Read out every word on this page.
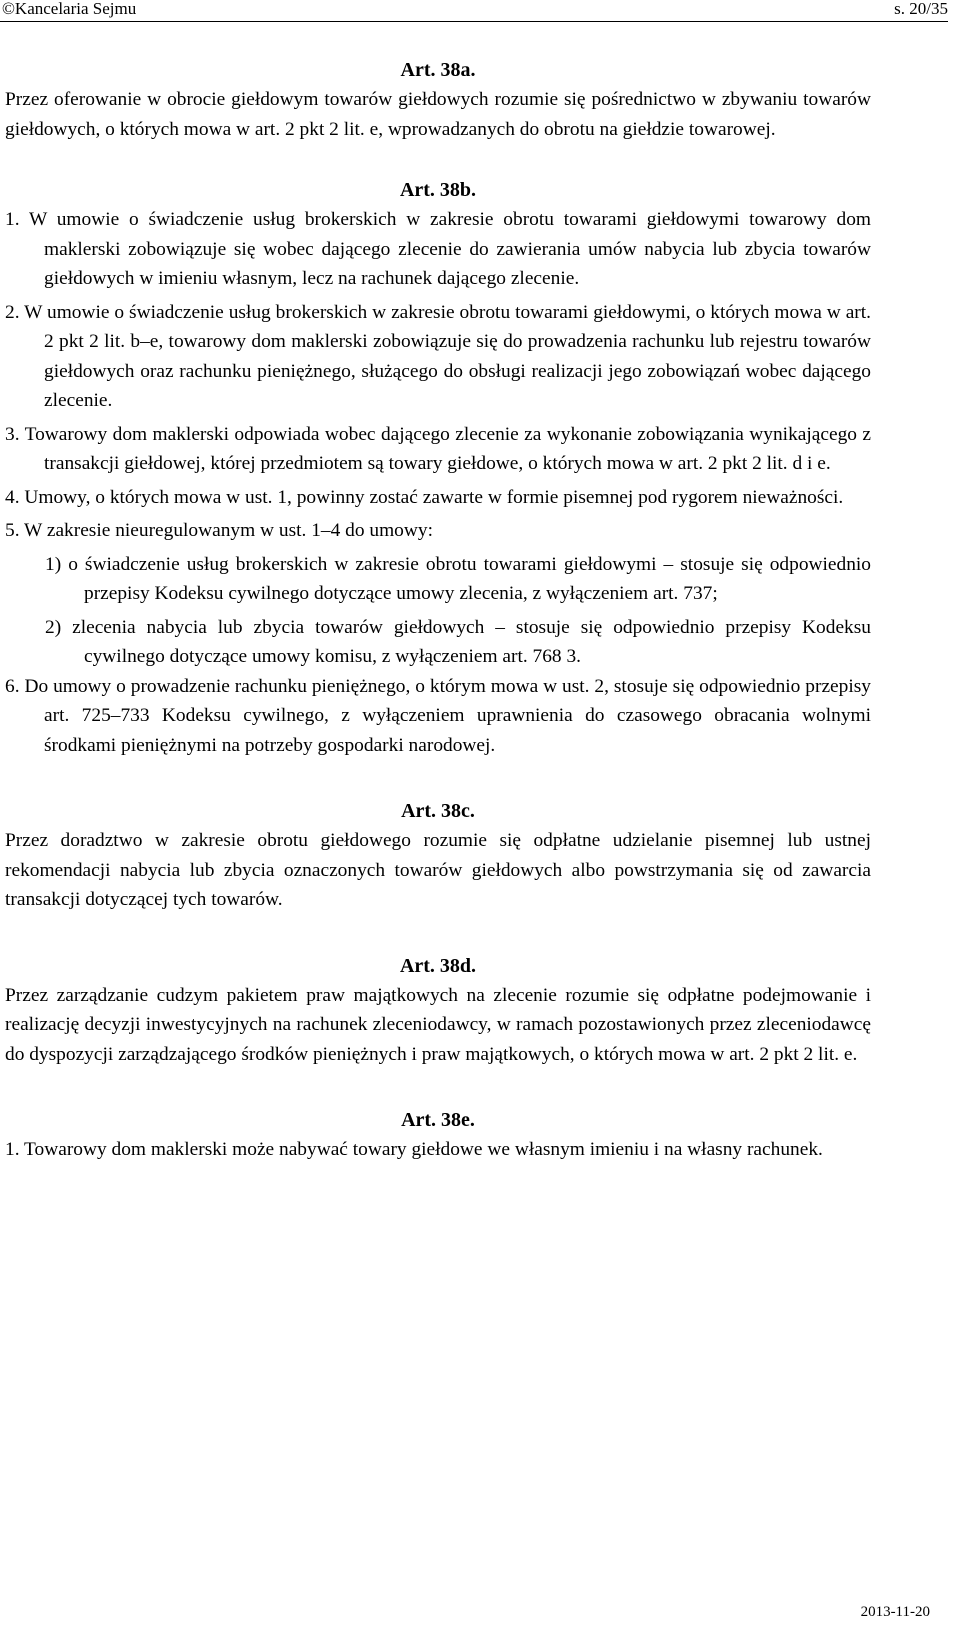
©Kancelaria Sejmu	s. 20/35

Art. 38a.

Przez oferowanie w obrocie giełdowym towarów giełdowych rozumie się pośrednictwo w zbywaniu towarów giełdowych, o których mowa w art. 2 pkt 2 lit. e, wprowadzanych do obrotu na giełdzie towarowej.

Art. 38b.

1. W umowie o świadczenie usług brokerskich w zakresie obrotu towarami giełdowymi towarowy dom maklerski zobowiązuje się wobec dającego zlecenie do zawierania umów nabycia lub zbycia towarów giełdowych w imieniu własnym, lecz na rachunek dającego zlecenie.

2. W umowie o świadczenie usług brokerskich w zakresie obrotu towarami giełdowymi, o których mowa w art. 2 pkt 2 lit. b–e, towarowy dom maklerski zobowiązuje się do prowadzenia rachunku lub rejestru towarów giełdowych oraz rachunku pieniężnego, służącego do obsługi realizacji jego zobowiązań wobec dającego zlecenie.

3. Towarowy dom maklerski odpowiada wobec dającego zlecenie za wykonanie zobowiązania wynikającego z transakcji giełdowej, której przedmiotem są towary giełdowe, o których mowa w art. 2 pkt 2 lit. d i e.

4. Umowy, o których mowa w ust. 1, powinny zostać zawarte w formie pisemnej pod rygorem nieważności.

5. W zakresie nieuregulowanym w ust. 1–4 do umowy:

1) o świadczenie usług brokerskich w zakresie obrotu towarami giełdowymi – stosuje się odpowiednio przepisy Kodeksu cywilnego dotyczące umowy zlecenia, z wyłączeniem art. 737;

2) zlecenia nabycia lub zbycia towarów giełdowych – stosuje się odpowiednio przepisy Kodeksu cywilnego dotyczące umowy komisu, z wyłączeniem art. 768 3.

6. Do umowy o prowadzenie rachunku pieniężnego, o którym mowa w ust. 2, stosuje się odpowiednio przepisy art. 725–733 Kodeksu cywilnego, z wyłączeniem uprawnienia do czasowego obracania wolnymi środkami pieniężnymi na potrzeby gospodarki narodowej.

Art. 38c.

Przez doradztwo w zakresie obrotu giełdowego rozumie się odpłatne udzielanie pisemnej lub ustnej rekomendacji nabycia lub zbycia oznaczonych towarów giełdowych albo powstrzymania się od zawarcia transakcji dotyczącej tych towarów.

Art. 38d.

Przez zarządzanie cudzym pakietem praw majątkowych na zlecenie rozumie się odpłatne podejmowanie i realizację decyzji inwestycyjnych na rachunek zleceniodawcy, w ramach pozostawionych przez zleceniodawcę do dyspozycji zarządzającego środków pieniężnych i praw majątkowych, o których mowa w art. 2 pkt 2 lit. e.

Art. 38e.

1. Towarowy dom maklerski może nabywać towary giełdowe we własnym imieniu i na własny rachunek.

2013-11-20
